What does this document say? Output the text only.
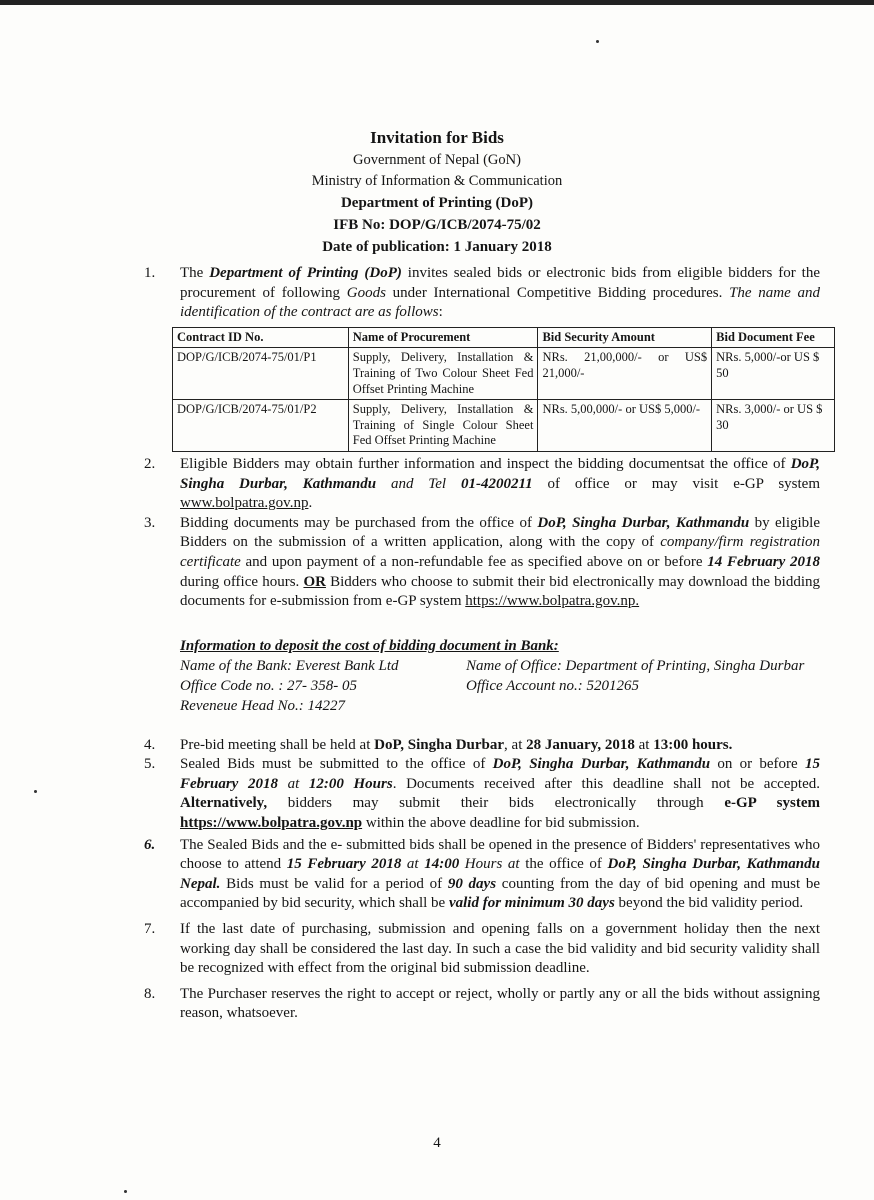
Invitation for Bids
Government of Nepal (GoN)
Ministry of Information & Communication
Department of Printing (DoP)
IFB No: DOP/G/ICB/2074-75/02
Date of publication: 1 January 2018
1. The Department of Printing (DoP) invites sealed bids or electronic bids from eligible bidders for the procurement of following Goods under International Competitive Bidding procedures. The name and identification of the contract are as follows:
Contract ID No.	Name of Procurement	Bid Security Amount	Bid Document Fee
DOP/G/ICB/2074-75/01/P1	Supply, Delivery, Installation & Training of Two Colour Sheet Fed Offset Printing Machine	NRs. 21,00,000/- or US$ 21,000/-	NRs. 5,000/-or US $ 50
DOP/G/ICB/2074-75/01/P2	Supply, Delivery, Installation & Training of Single Colour Sheet Fed Offset Printing Machine	NRs. 5,00,000/- or US$ 5,000/-	NRs. 3,000/- or US $ 30
2. Eligible Bidders may obtain further information and inspect the bidding documentsat the office of DoP, Singha Durbar, Kathmandu and Tel 01-4200211 of office or may visit e-GP system www.bolpatra.gov.np.
3. Bidding documents may be purchased from the office of DoP, Singha Durbar, Kathmandu by eligible Bidders on the submission of a written application, along with the copy of company/firm registration certificate and upon payment of a non-refundable fee as specified above on or before 14 February 2018 during office hours. OR Bidders who choose to submit their bid electronically may download the bidding documents for e-submission from e-GP system https://www.bolpatra.gov.np.
Information to deposit the cost of bidding document in Bank:
Name of the Bank: Everest Bank Ltd	Name of Office: Department of Printing, Singha Durbar
Office Code no. : 27- 358- 05	Office Account no.: 5201265
Reveneue Head No.: 14227
4. Pre-bid meeting shall be held at DoP, Singha Durbar, at 28 January, 2018 at 13:00 hours.
5. Sealed Bids must be submitted to the office of DoP, Singha Durbar, Kathmandu on or before 15 February 2018 at 12:00 Hours. Documents received after this deadline shall not be accepted. Alternatively, bidders may submit their bids electronically through e-GP system https://www.bolpatra.gov.np within the above deadline for bid submission.
6. The Sealed Bids and the e- submitted bids shall be opened in the presence of Bidders' representatives who choose to attend 15 February 2018 at 14:00 Hours at the office of DoP, Singha Durbar, Kathmandu Nepal. Bids must be valid for a period of 90 days counting from the day of bid opening and must be accompanied by bid security, which shall be valid for minimum 30 days beyond the bid validity period.
7. If the last date of purchasing, submission and opening falls on a government holiday then the next working day shall be considered the last day. In such a case the bid validity and bid security validity shall be recognized with effect from the original bid submission deadline.
8. The Purchaser reserves the right to accept or reject, wholly or partly any or all the bids without assigning reason, whatsoever.
4
